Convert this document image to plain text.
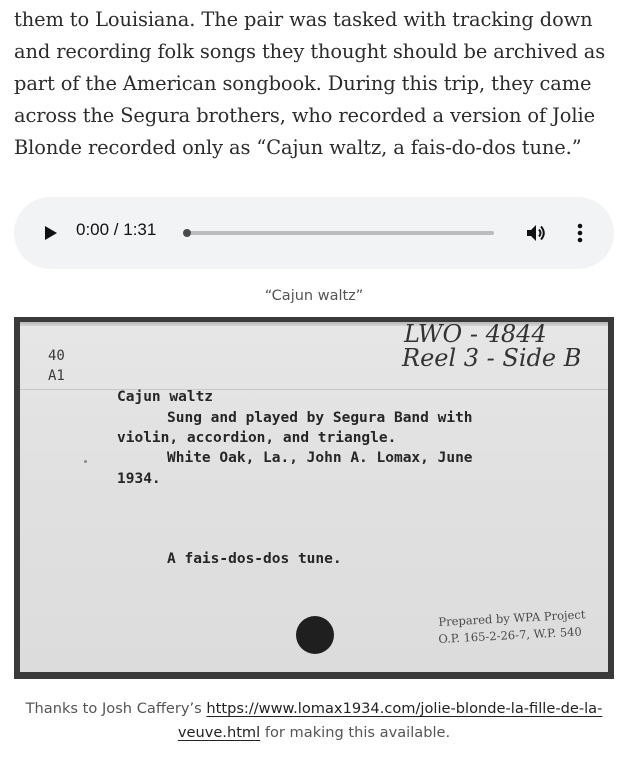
them to Louisiana. The pair was tasked with tracking down
and recording folk songs they thought should be archived as
part of the American songbook. During this trip, they came
across the Segura brothers, who recorded a version of Jolie
Blonde recorded only as “Cajun waltz, a fais-do-dos tune.”
0:00 / 1:31
“Cajun waltz”
40
A1
LWO - 4844
Reel 3 - Side B
Cajun waltz
Sung and played by Segura Band with
violin, accordion, and triangle.
White Oak, La., John A. Lomax, June
1934.
A fais-dos-dos tune.
Prepared by WPA Project
O.P. 165-2-26-7, W.P. 540
Thanks to Josh Caffery’s https://www.lomax1934.com/jolie-blonde-la-fille-de-la-
veuve.html for making this available.
